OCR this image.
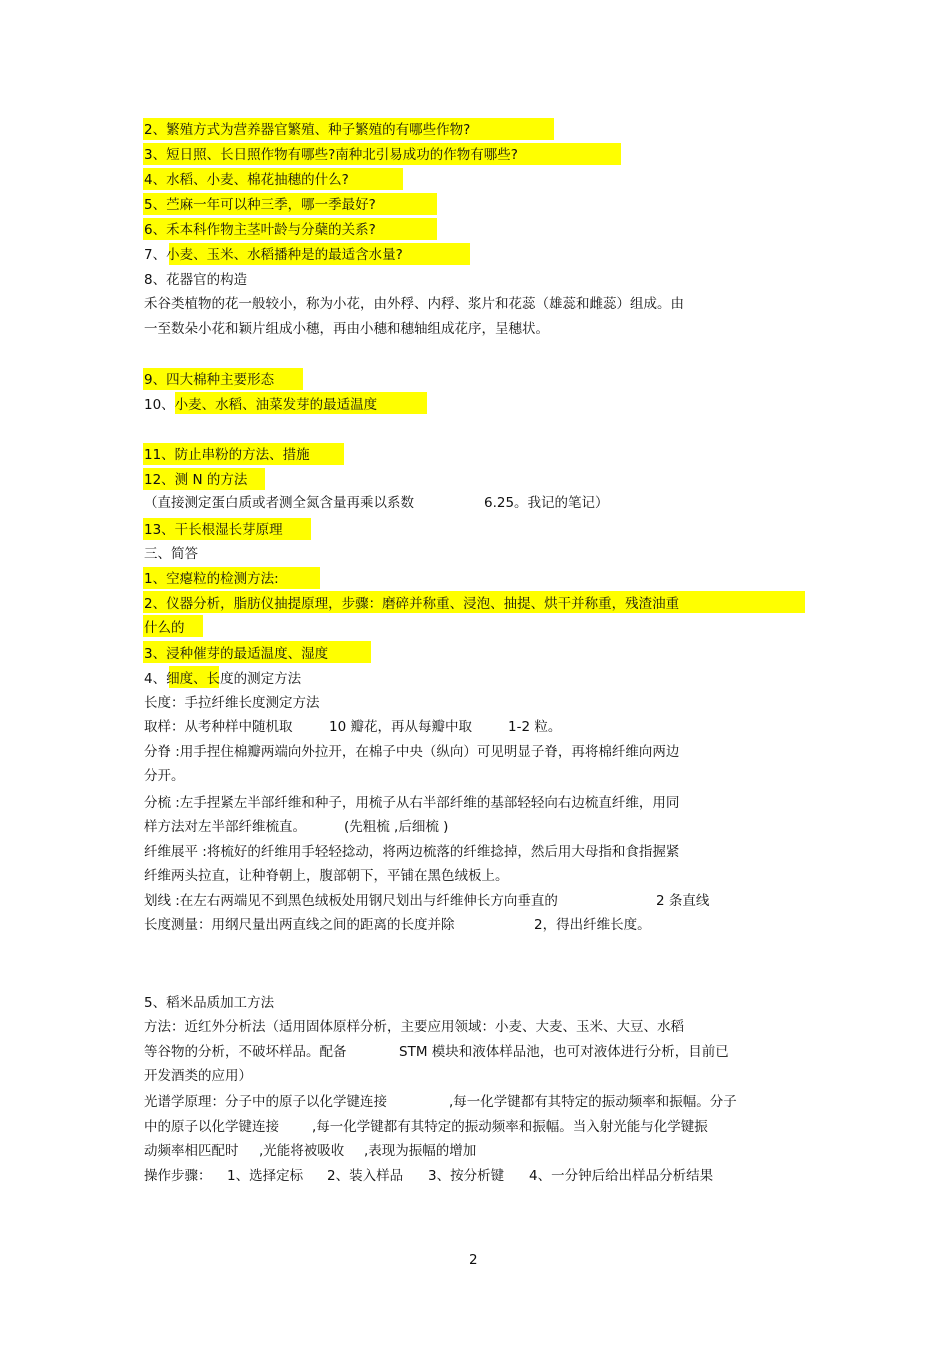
2、繁殖方式为营养器官繁殖、种子繁殖的有哪些作物?
3、短日照、长日照作物有哪些?南种北引易成功的作物有哪些?
4、水稻、小麦、棉花抽穗的什么?
5、苎麻一年可以种三季，哪一季最好?
6、禾本科作物主茎叶龄与分蘖的关系?
7、小麦、玉米、水稻播种是的最适含水量?
8、花器官的构造
禾谷类植物的花一般较小，称为小花，由外稃、内稃、浆片和花蕊（雄蕊和雌蕊）组成。由
一至数朵小花和颖片组成小穗，再由小穗和穗轴组成花序，呈穗状。
9、四大棉种主要形态
10、小麦、水稻、油菜发芽的最适温度
11、防止串粉的方法、措施
12、测 N 的方法
（直接测定蛋白质或者测全氮含量再乘以系数	6.25。我记的笔记）
13、干长根湿长芽原理
三、简答
1、空瘪粒的检测方法:
2、仪器分析，脂肪仪抽提原理，步骤：磨碎并称重、浸泡、抽提、烘干并称重，残渣油重
什么的
3、浸种催芽的最适温度、湿度
4、细度、长度的测定方法
长度：手拉纤维长度测定方法
取样：从考种样中随机取	10 瓣花，再从每瓣中取	1-2 粒。
分脊 :用手捏住棉瓣两端向外拉开，在棉子中央（纵向）可见明显子脊，再将棉纤维向两边
分开。
分梳 :左手捏紧左半部纤维和种子，用梳子从右半部纤维的基部轻轻向右边梳直纤维，用同
样方法对左半部纤维梳直。	(先粗梳 ,后细梳 )
纤维展平 :将梳好的纤维用手轻轻捻动，将两边梳落的纤维捻掉，然后用大母指和食指握紧
纤维两头拉直，让种脊朝上，腹部朝下，平铺在黑色绒板上。
划线 :在左右两端见不到黑色绒板处用钢尺划出与纤维伸长方向垂直的	2 条直线
长度测量：用纲尺量出两直线之间的距离的长度并除	2，得出纤维长度。
5、稻米品质加工方法
方法：近红外分析法（适用固体原样分析，主要应用领域：小麦、大麦、玉米、大豆、水稻
等谷物的分析，不破坏样品。配备	STM 模块和液体样品池，也可对液体进行分析，目前已
开发酒类的应用）
光谱学原理：分子中的原子以化学键连接	,每一化学键都有其特定的振动频率和振幅。分子
中的原子以化学键连接 ,每一化学键都有其特定的振动频率和振幅。当入射光能与化学键振
动频率相匹配时 ,光能将被吸收 ,表现为振幅的增加
操作步骤： 1、选择定标 2、装入样品 3、按分析键 4、一分钟后给出样品分析结果
2
